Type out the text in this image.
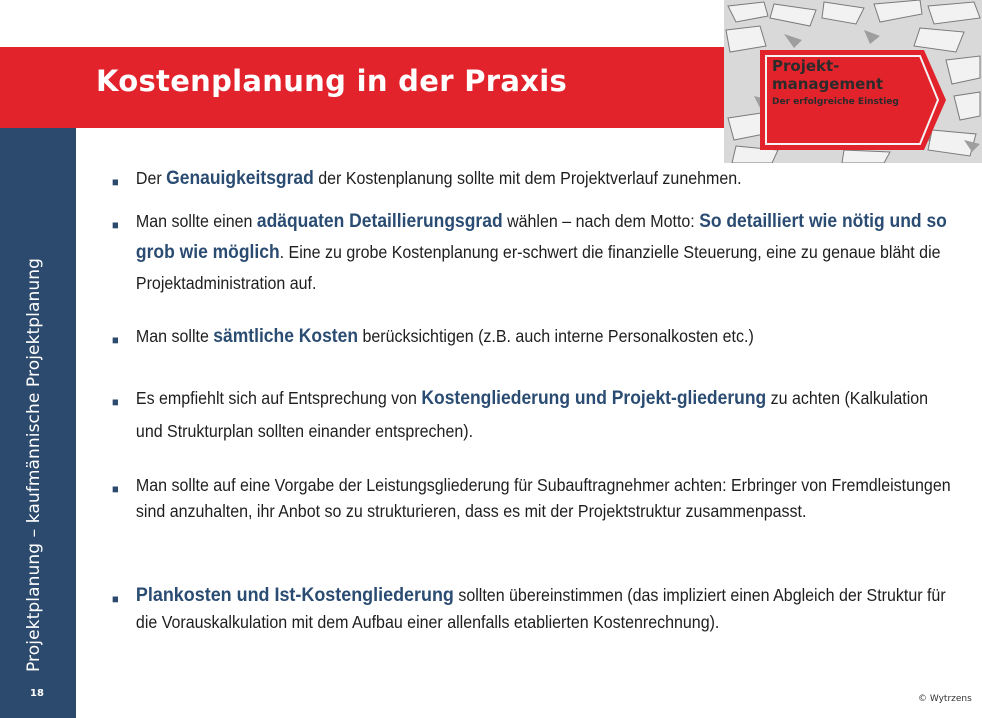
Projektplanung – kaufmännische Projektplanung
18
Kostenplanung in der Praxis	Projekt-
management
Der erfolgreiche Einstieg
■ Der Genauigkeitsgrad der Kostenplanung sollte mit dem Projektverlauf zunehmen.
■ Man sollte einen adäquaten Detaillierungsgrad wählen – nach dem Motto: So detailliert wie nötig und so grob wie möglich. Eine zu grobe Kostenplanung er-schwert die finanzielle Steuerung, eine zu genaue bläht die Projektadministration auf.
■ Man sollte sämtliche Kosten berücksichtigen (z.B. auch interne Personalkosten etc.)
■ Es empfiehlt sich auf Entsprechung von Kostengliederung und Projekt-gliederung zu achten (Kalkulation und Strukturplan sollten einander entsprechen).
■ Man sollte auf eine Vorgabe der Leistungsgliederung für Subauftragnehmer achten: Erbringer von Fremdleistungen sind anzuhalten, ihr Anbot so zu strukturieren, dass es mit der Projektstruktur zusammenpasst.
■ Plankosten und Ist-Kostengliederung sollten übereinstimmen (das impliziert einen Abgleich der Struktur für die Vorauskalkulation mit dem Aufbau einer allenfalls etablierten Kostenrechnung).
© Wytrzens
